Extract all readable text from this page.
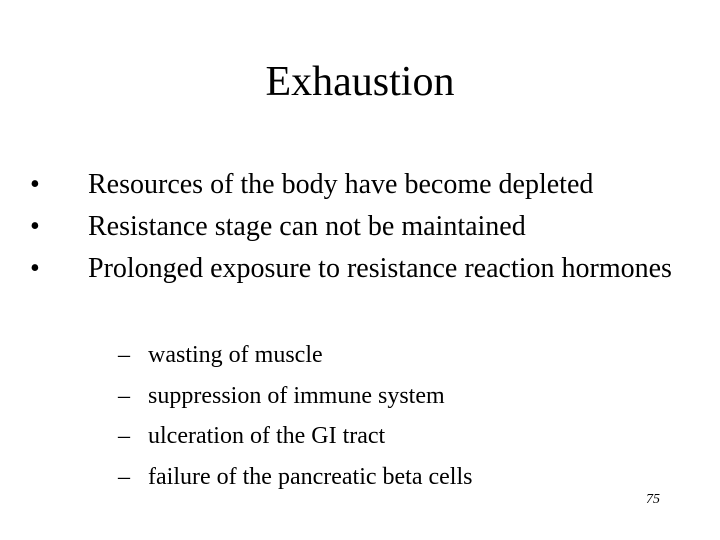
Exhaustion
•	Resources of the body have become depleted
•	Resistance stage can not be maintained
•	Prolonged exposure to resistance reaction hormones
– wasting of muscle
– suppression of immune system
– ulceration of the GI tract
– failure of the pancreatic beta cells
75
